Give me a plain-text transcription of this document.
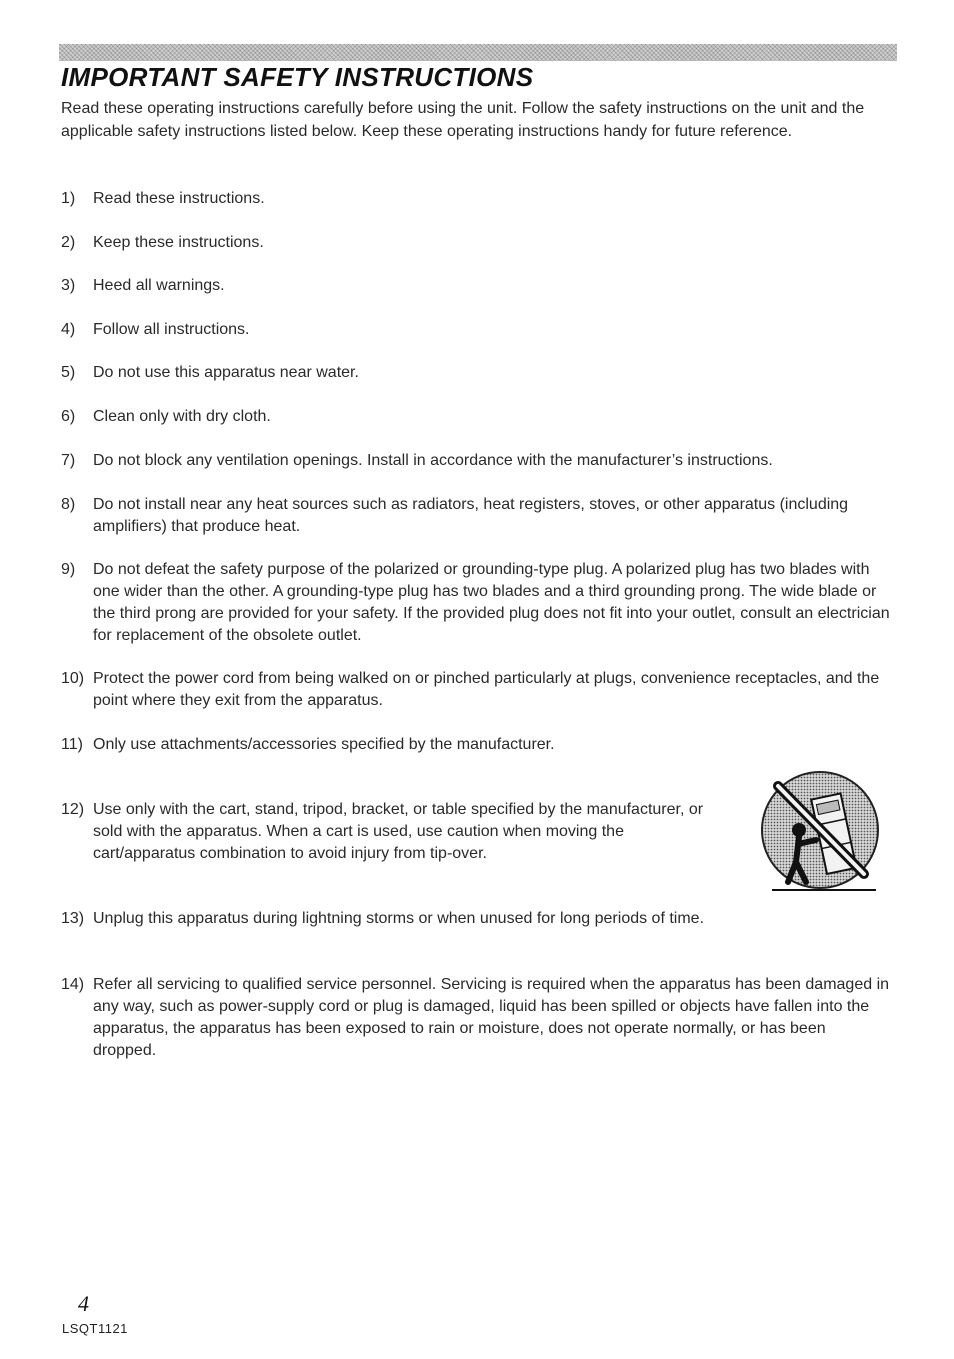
IMPORTANT SAFETY INSTRUCTIONS

Read these operating instructions carefully before using the unit. Follow the safety instructions on the unit and the applicable safety instructions listed below. Keep these operating instructions handy for future reference.

1)	Read these instructions.
2)	Keep these instructions.
3)	Heed all warnings.
4)	Follow all instructions.
5)	Do not use this apparatus near water.
6)	Clean only with dry cloth.
7)	Do not block any ventilation openings. Install in accordance with the manufacturer’s instructions.
8)	Do not install near any heat sources such as radiators, heat registers, stoves, or other apparatus (including amplifiers) that produce heat.
9)	Do not defeat the safety purpose of the polarized or grounding-type plug. A polarized plug has two blades with one wider than the other. A grounding-type plug has two blades and a third grounding prong. The wide blade or the third prong are provided for your safety. If the provided plug does not fit into your outlet, consult an electrician for replacement of the obsolete outlet.
10) Protect the power cord from being walked on or pinched particularly at plugs, convenience receptacles, and the point where they exit from the apparatus.
11) Only use attachments/accessories specified by the manufacturer.
12) Use only with the cart, stand, tripod, bracket, or table specified by the manufacturer, or sold with the apparatus. When a cart is used, use caution when moving the cart/apparatus combination to avoid injury from tip-over.
13) Unplug this apparatus during lightning storms or when unused for long periods of time.
14) Refer all servicing to qualified service personnel. Servicing is required when the apparatus has been damaged in any way, such as power-supply cord or plug is damaged, liquid has been spilled or objects have fallen into the apparatus, the apparatus has been exposed to rain or moisture, does not operate normally, or has been dropped.
4
LSQT1121
